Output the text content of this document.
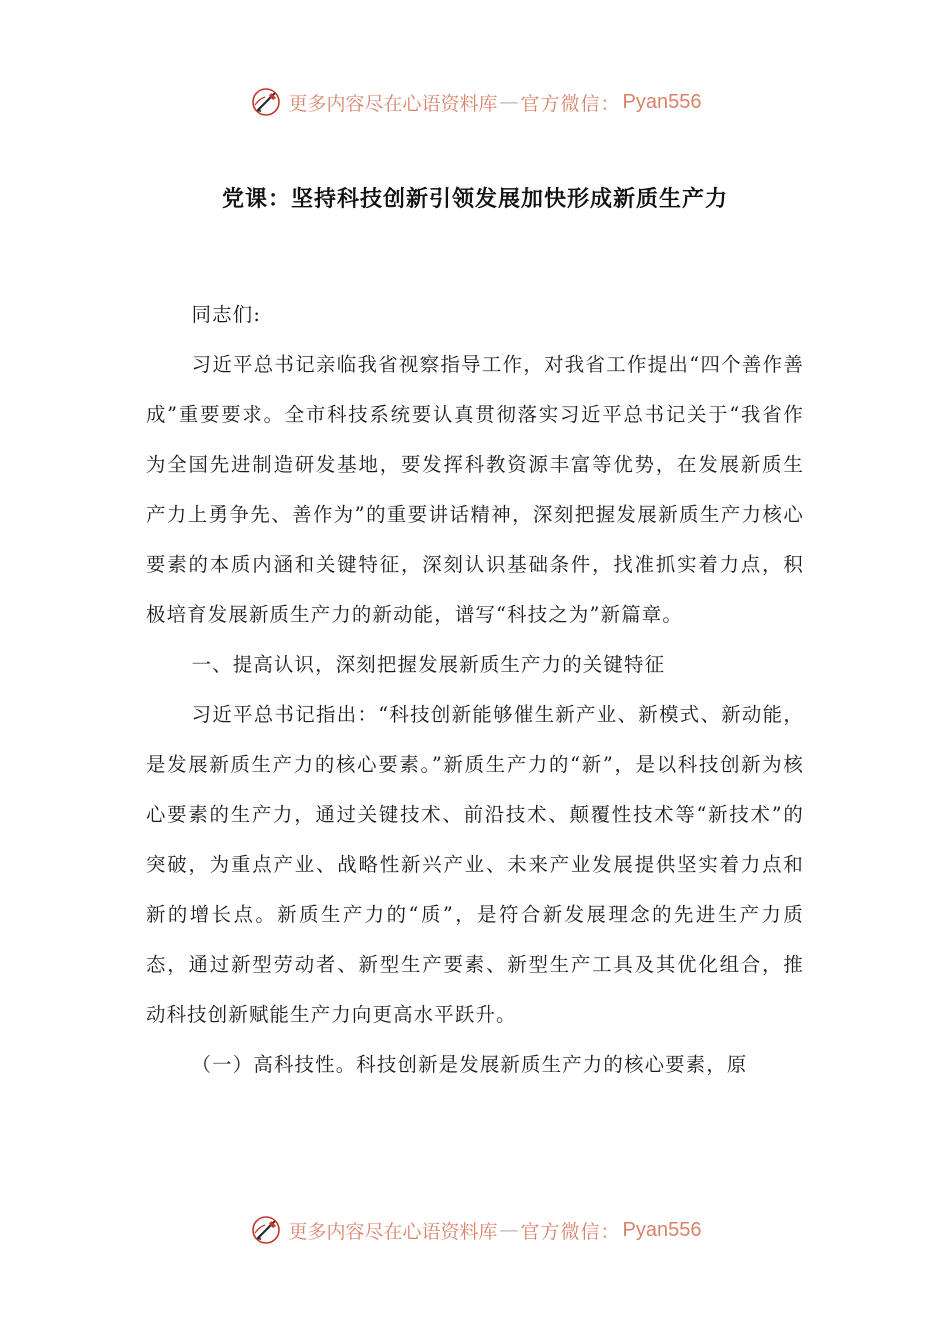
更多内容尽在心语资料库 — 官方微信： Pyan556
党课：坚持科技创新引领发展加快形成新质生产力

同志们:

习近平总书记亲临我省视察指导工作，对我省工作提出“四个善作善成”重要要求。全市科技系统要认真贯彻落实习近平总书记关于“我省作为全国先进制造研发基地，要发挥科教资源丰富等优势，在发展新质生产力上勇争先、善作为”的重要讲话精神，深刻把握发展新质生产力核心要素的本质内涵和关键特征，深刻认识基础条件，找准抓实着力点，积极培育发展新质生产力的新动能，谱写“科技之为”新篇章。

一、提高认识，深刻把握发展新质生产力的关键特征

习近平总书记指出：“科技创新能够催生新产业、新模式、新动能，是发展新质生产力的核心要素。”新质生产力的“新”，是以科技创新为核心要素的生产力，通过关键技术、前沿技术、颠覆性技术等“新技术”的突破，为重点产业、战略性新兴产业、未来产业发展提供坚实着力点和新的增长点。新质生产力的“质”，是符合新发展理念的先进生产力质态，通过新型劳动者、新型生产要素、新型生产工具及其优化组合，推动科技创新赋能生产力向更高水平跃升。

（一）高科技性。科技创新是发展新质生产力的核心要素，原

更多内容尽在心语资料库 — 官方微信： Pyan556
